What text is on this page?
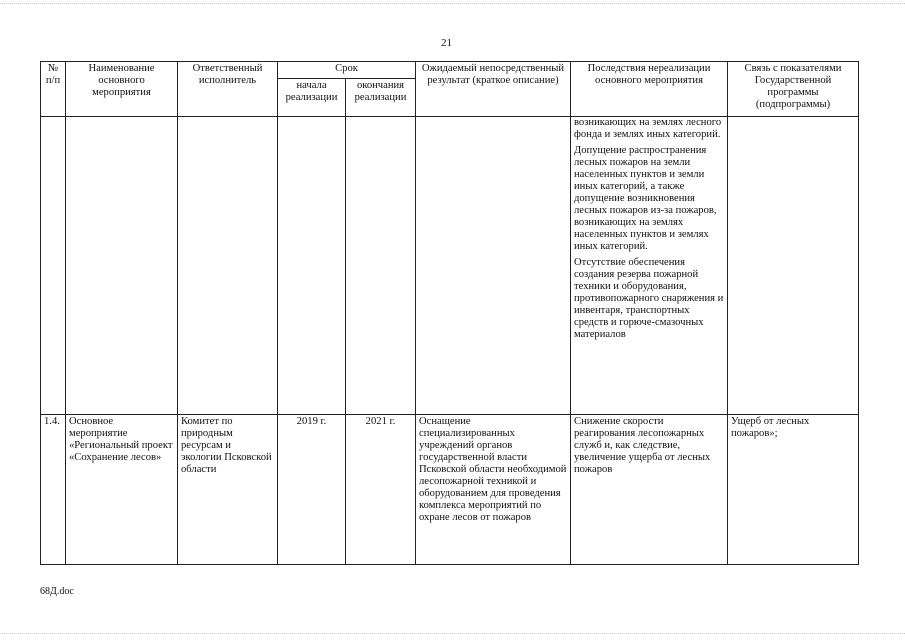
21
№ п/п	Наименование основного мероприятия	Ответственный исполнитель	Срок		Ожидаемый непосредственный результат (краткое описание)	Последствия нереализации основного мероприятия	Связь с показателями Государственной программы (подпрограммы)
			начала реализации	окончания реализации			

						возникающих на землях лесного фонда и землях иных категорий.
Допущение распространения лесных пожаров на земли населенных пунктов и земли иных категорий, а также допущение возникновения лесных пожаров из-за пожаров, возникающих на землях населенных пунктов и землях иных категорий.
Отсутствие обеспечения создания резерва пожарной техники и оборудования, противопожарного снаряжения и инвентаря, транспортных средств и горюче-смазочных материалов	

1.4.	Основное мероприятие «Региональный проект «Сохранение лесов»	Комитет по природным ресурсам и экологии Псковской области	2019 г.	2021 г.	Оснащение специализированных учреждений органов государственной власти Псковской области необходимой лесопожарной техникой и оборудованием для проведения комплекса мероприятий по охране лесов от пожаров	Снижение скорости реагирования лесопожарных служб и, как следствие, увеличение ущерба от лесных пожаров	Ущерб от лесных пожаров»;
68Д.doc
